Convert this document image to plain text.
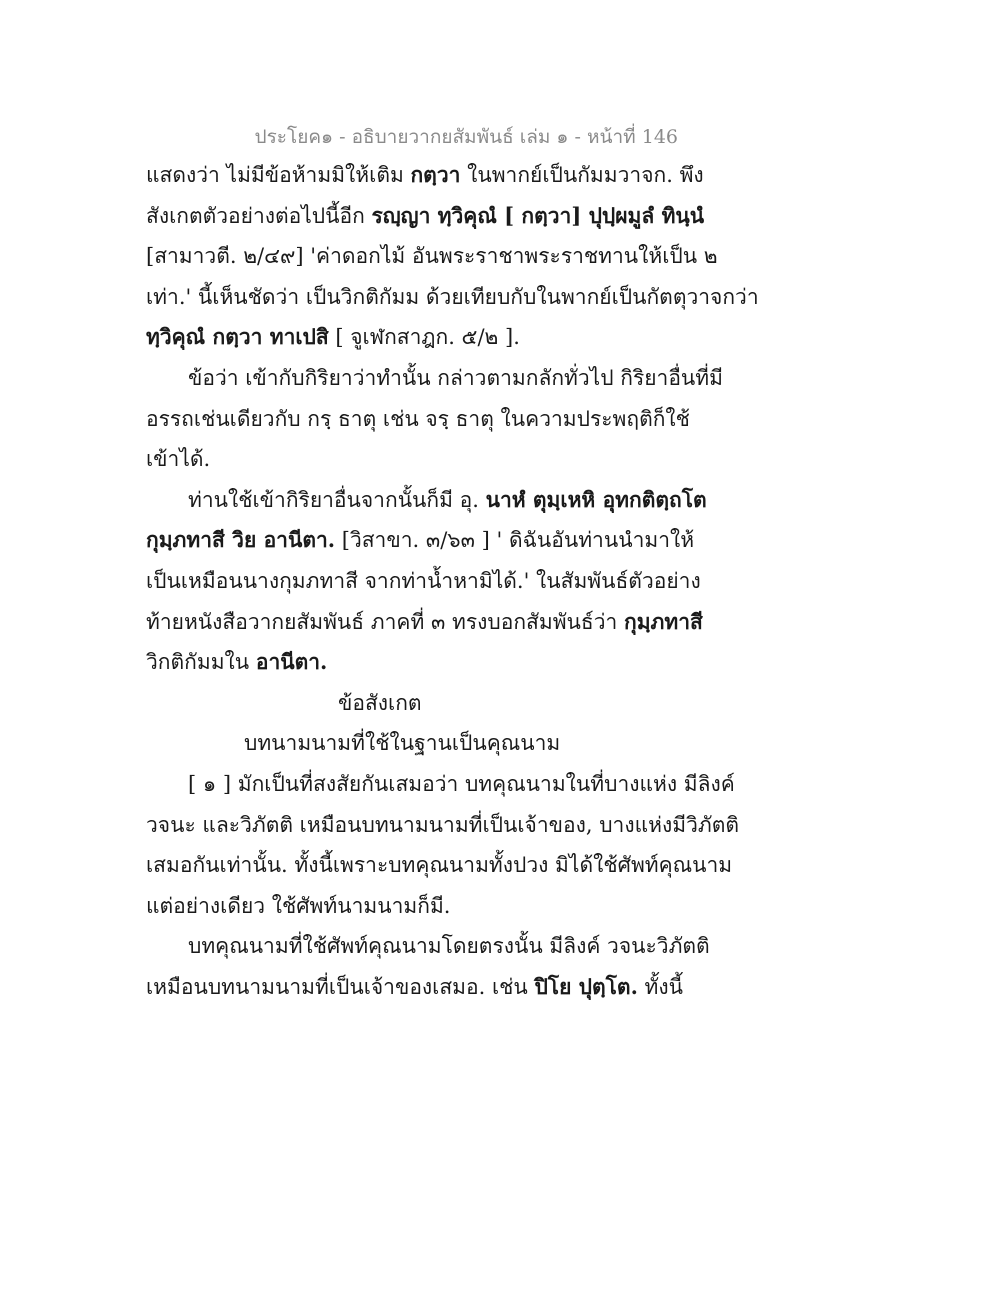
ประโยค๑ - อธิบายวากยสัมพันธ์ เล่ม ๑ - หน้าที่ 146
แสดงว่า ไม่มีข้อห้ามมิให้เติม กตฺวา ในพากย์เป็นกัมมวาจก. พึง
สังเกตตัวอย่างต่อไปนี้อีก รญฺญา ทฺวิคุณํ [ กตฺวา] ปุปฺผมูลํ ทินฺนํ
[สามาวตี. ๒/๔๙] 'ค่าดอกไม้ อันพระราชาพระราชทานให้เป็น ๒
เท่า.' นี้เห็นชัดว่า เป็นวิกติกัมม ด้วยเทียบกับในพากย์เป็นกัตตุวาจกว่า
ทฺวิคุณํ กตฺวา ทาเปสิ [ จูเฬกสาฎก. ๕/๒ ].
ข้อว่า เข้ากับกิริยาว่าทำนั้น กล่าวตามกลักทั่วไป กิริยาอื่นที่มี
อรรถเช่นเดียวกับ กรฺ ธาตุ เช่น จรฺ ธาตุ ในความประพฤติก็ใช้
เข้าได้.
ท่านใช้เข้ากิริยาอื่นจากนั้นก็มี อุ. นาหํ ตุมฺเหหิ อุทกติตฺถโต
กุมฺภทาสี วิย อานีตา. [วิสาขา. ๓/๖๓ ] ' ดิฉันอันท่านนำมาให้
เป็นเหมือนนางกุมภทาสี จากท่าน้ำหามิได้.' ในสัมพันธ์ตัวอย่าง
ท้ายหนังสือวากยสัมพันธ์ ภาคที่ ๓ ทรงบอกสัมพันธ์ว่า กุมฺภทาสี
วิกติกัมมใน อานีตา.
ข้อสังเกต
บทนามนามที่ใช้ในฐานเป็นคุณนาม
[ ๑ ] มักเป็นที่สงสัยกันเสมอว่า บทคุณนามในที่บางแห่ง มีลิงค์
วจนะ และวิภัตติ เหมือนบทนามนามที่เป็นเจ้าของ, บางแห่งมีวิภัตติ
เสมอกันเท่านั้น. ทั้งนี้เพราะบทคุณนามทั้งปวง มิได้ใช้ศัพท์คุณนาม
แต่อย่างเดียว ใช้ศัพท์นามนามก็มี.
บทคุณนามที่ใช้ศัพท์คุณนามโดยตรงนั้น มีลิงค์ วจนะวิภัตติ
เหมือนบทนามนามที่เป็นเจ้าของเสมอ. เช่น ปิโย ปุตฺโต. ทั้งนี้
